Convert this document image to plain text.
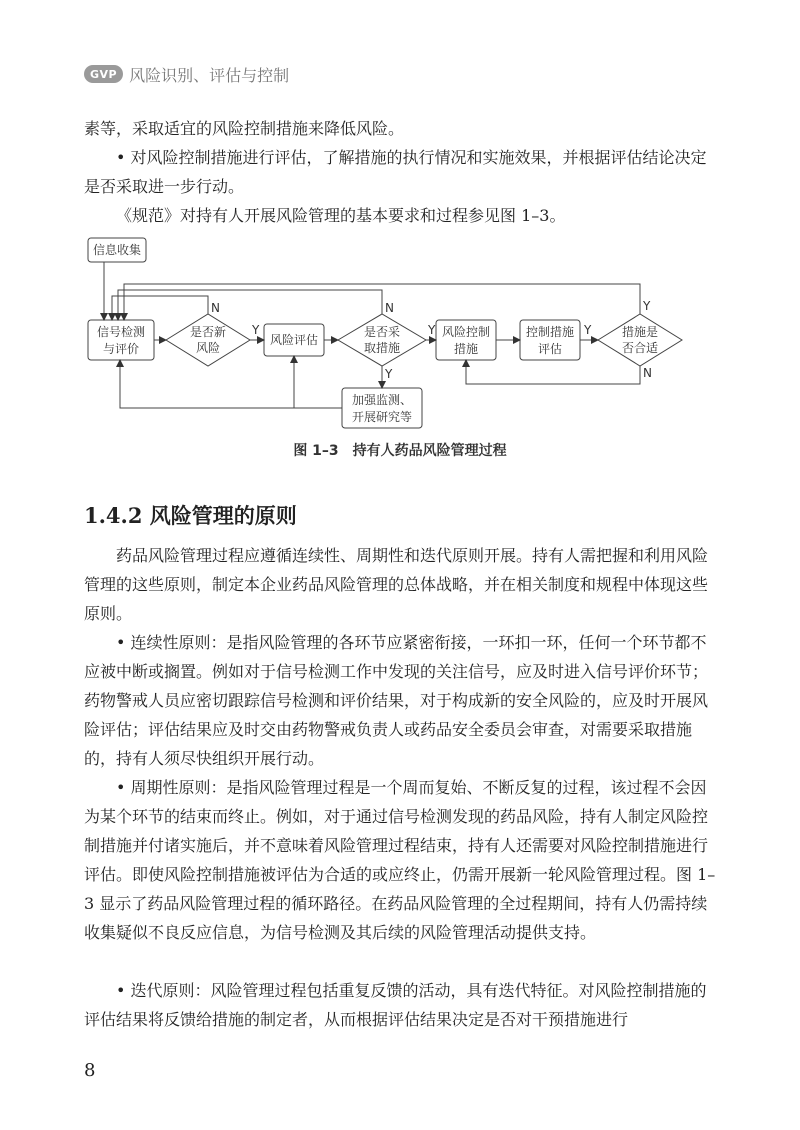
GVP 风险识别、评估与控制

素等，采取适宜的风险控制措施来降低风险。

• 对风险控制措施进行评估，了解措施的执行情况和实施效果，并根据评估结论决定是否采取进一步行动。

《规范》对持有人开展风险管理的基本要求和过程参见图 1–3。

信息收集
信号检测
与评价
是否新
风险
风险评估
是否采
取措施
风险控制
措施
控制措施
评估
措施是
否合适
加强监测、
开展研究等
Y
N
Y
N
Y
Y
Y
N
图 1–3　持有人药品风险管理过程
1.4.2 风险管理的原则

药品风险管理过程应遵循连续性、周期性和迭代原则开展。持有人需把握和利用风险管理的这些原则，制定本企业药品风险管理的总体战略，并在相关制度和规程中体现这些原则。

• 连续性原则：是指风险管理的各环节应紧密衔接，一环扣一环，任何一个环节都不应被中断或搁置。例如对于信号检测工作中发现的关注信号，应及时进入信号评价环节；药物警戒人员应密切跟踪信号检测和评价结果，对于构成新的安全风险的，应及时开展风险评估；评估结果应及时交由药物警戒负责人或药品安全委员会审查，对需要采取措施的，持有人须尽快组织开展行动。

• 周期性原则：是指风险管理过程是一个周而复始、不断反复的过程，该过程不会因为某个环节的结束而终止。例如，对于通过信号检测发现的药品风险，持有人制定风险控制措施并付诸实施后，并不意味着风险管理过程结束，持有人还需要对风险控制措施进行评估。即使风险控制措施被评估为合适的或应终止，仍需开展新一轮风险管理过程。图 1–3 显示了药品风险管理过程的循环路径。在药品风险管理的全过程期间，持有人仍需持续收集疑似不良反应信息，为信号检测及其后续的风险管理活动提供支持。

• 迭代原则：风险管理过程包括重复反馈的活动，具有迭代特征。对风险控制措施的评估结果将反馈给措施的制定者，从而根据评估结果决定是否对干预措施进行

8
